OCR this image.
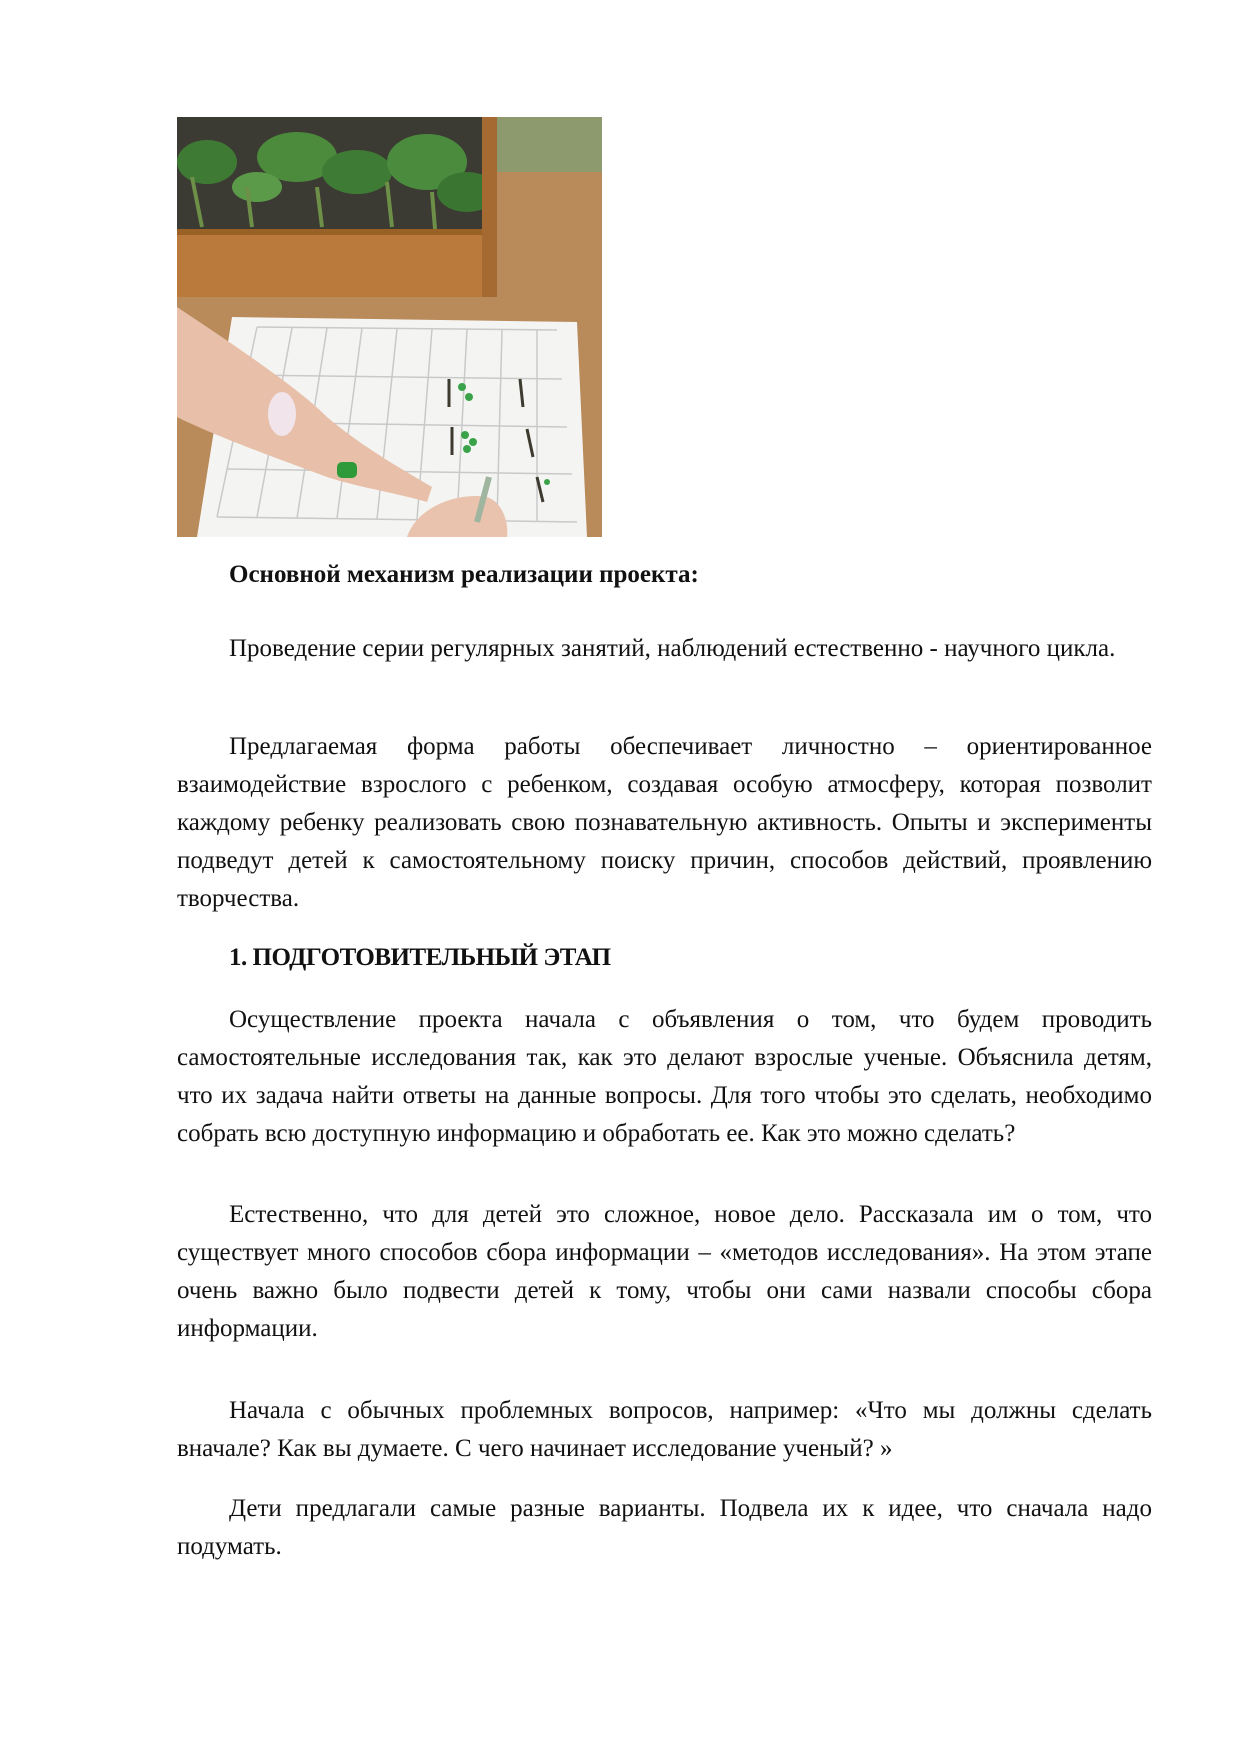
Основной механизм реализации проекта:

Проведение серии регулярных занятий, наблюдений естественно - научного цикла.

Предлагаемая форма работы обеспечивает личностно – ориентированное взаимодействие взрослого с ребенком, создавая особую атмосферу, которая позволит каждому ребенку реализовать свою познавательную активность. Опыты и эксперименты подведут детей к самостоятельному поиску причин, способов действий, проявлению творчества.

1. ПОДГОТОВИТЕЛЬНЫЙ ЭТАП

Осуществление проекта начала с объявления о том, что будем проводить самостоятельные исследования так, как это делают взрослые ученые. Объяснила детям, что их задача найти ответы на данные вопросы. Для того чтобы это сделать, необходимо собрать всю доступную информацию и обработать ее. Как это можно сделать?

Естественно, что для детей это сложное, новое дело. Рассказала им о том, что существует много способов сбора информации – «методов исследования». На этом этапе очень важно было подвести детей к тому, чтобы они сами назвали способы сбора информации.

Начала с обычных проблемных вопросов, например: «Что мы должны сделать вначале? Как вы думаете. С чего начинает исследование ученый? »

Дети предлагали самые разные варианты. Подвела их к идее, что сначала надо подумать.
